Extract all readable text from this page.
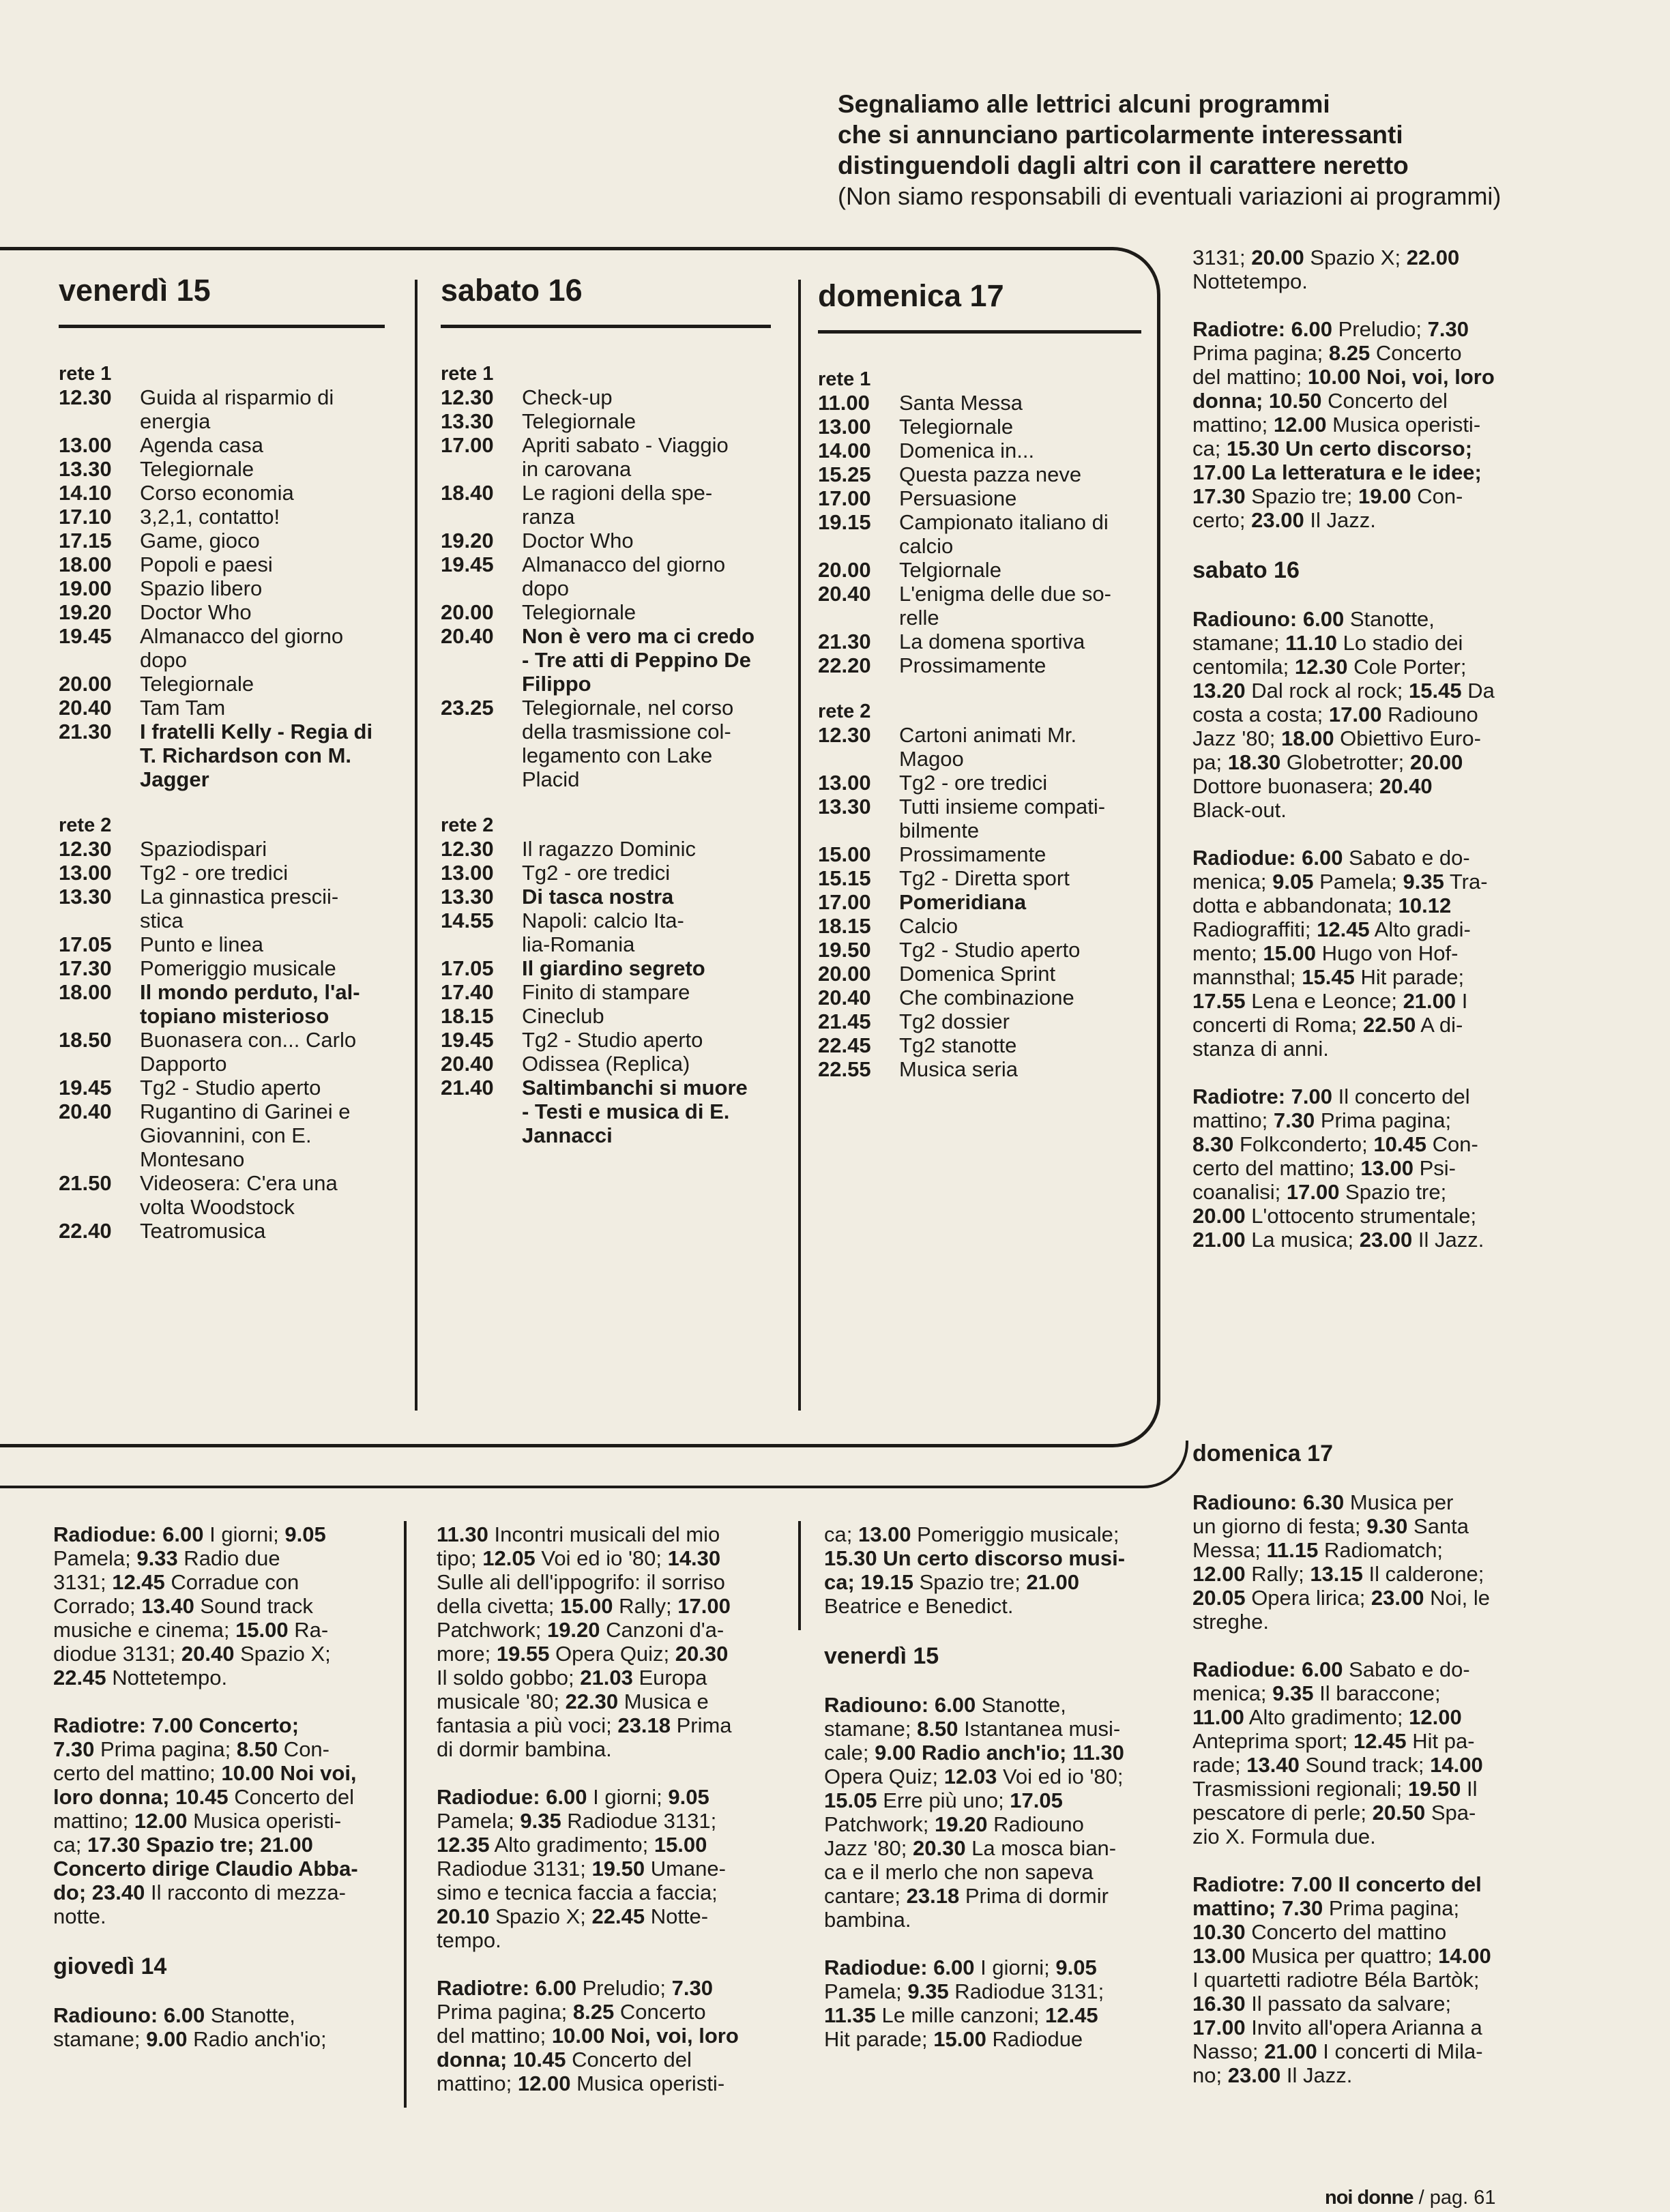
Segnaliamo alle lettrici alcuni programmi
che si annunciano particolarmente interessanti
distinguendoli dagli altri con il carattere neretto
(Non siamo responsabili di eventuali variazioni ai programmi)
venerdì 15
rete 1
12.30	Guida al risparmio di
energia
13.00	Agenda casa
13.30	Telegiornale
14.10	Corso economia
17.10	3,2,1, contatto!
17.15	Game, gioco
18.00	Popoli e paesi
19.00	Spazio libero
19.20	Doctor Who
19.45	Almanacco del giorno
dopo
20.00	Telegiornale
20.40	Tam Tam
21.30	I fratelli Kelly - Regia di
T. Richardson con M.
Jagger
rete 2
12.30	Spaziodispari
13.00	Tg2 - ore tredici
13.30	La ginnastica prescii-
stica
17.05	Punto e linea
17.30	Pomeriggio musicale
18.00	Il mondo perduto, l'al-
topiano misterioso
18.50	Buonasera con... Carlo
Dapporto
19.45	Tg2 - Studio aperto
20.40	Rugantino di Garinei e
Giovannini, con E.
Montesano
21.50	Videosera: C'era una
volta Woodstock
22.40	Teatromusica
sabato 16
rete 1
12.30	Check-up
13.30	Telegiornale
17.00	Apriti sabato - Viaggio
in carovana
18.40	Le ragioni della spe-
ranza
19.20	Doctor Who
19.45	Almanacco del giorno
dopo
20.00	Telegiornale
20.40	Non è vero ma ci credo
- Tre atti di Peppino De
Filippo
23.25	Telegiornale, nel corso
della trasmissione col-
legamento con Lake
Placid
rete 2
12.30	Il ragazzo Dominic
13.00	Tg2 - ore tredici
13.30	Di tasca nostra
14.55	Napoli: calcio Ita-
lia-Romania
17.05	Il giardino segreto
17.40	Finito di stampare
18.15	Cineclub
19.45	Tg2 - Studio aperto
20.40	Odissea (Replica)
21.40	Saltimbanchi si muore
- Testi e musica di E.
Jannacci
domenica 17
rete 1
11.00	Santa Messa
13.00	Telegiornale
14.00	Domenica in...
15.25	Questa pazza neve
17.00	Persuasione
19.15	Campionato italiano di
calcio
20.00	Telgiornale
20.40	L'enigma delle due so-
relle
21.30	La domena sportiva
22.20	Prossimamente
rete 2
12.30	Cartoni animati Mr.
Magoo
13.00	Tg2 - ore tredici
13.30	Tutti insieme compati-
bilmente
15.00	Prossimamente
15.15	Tg2 - Diretta sport
17.00	Pomeridiana
18.15	Calcio
19.50	Tg2 - Studio aperto
20.00	Domenica Sprint
20.40	Che combinazione
21.45	Tg2 dossier
22.45	Tg2 stanotte
22.55	Musica seria

Radiodue: 6.00 I giorni; 9.05
Pamela; 9.33 Radio due
3131; 12.45 Corradue con
Corrado; 13.40 Sound track
musiche e cinema; 15.00 Ra-
diodue 3131; 20.40 Spazio X;
22.45 Nottetempo.

Radiotre: 7.00 Concerto;
7.30 Prima pagina; 8.50 Con-
certo del mattino; 10.00 Noi voi,
loro donna; 10.45 Concerto del
mattino; 12.00 Musica operisti-
ca; 17.30 Spazio tre; 21.00
Concerto dirige Claudio Abba-
do; 23.40 Il racconto di mezza-
notte.

giovedì 14

Radiouno: 6.00 Stanotte,
stamane; 9.00 Radio anch'io;

11.30 Incontri musicali del mio
tipo; 12.05 Voi ed io '80; 14.30
Sulle ali dell'ippogrifo: il sorriso
della civetta; 15.00 Rally; 17.00
Patchwork; 19.20 Canzoni d'a-
more; 19.55 Opera Quiz; 20.30
Il soldo gobbo; 21.03 Europa
musicale '80; 22.30 Musica e
fantasia a più voci; 23.18 Prima
di dormir bambina.

Radiodue: 6.00 I giorni; 9.05
Pamela; 9.35 Radiodue 3131;
12.35 Alto gradimento; 15.00
Radiodue 3131; 19.50 Umane-
simo e tecnica faccia a faccia;
20.10 Spazio X; 22.45 Notte-
tempo.

Radiotre: 6.00 Preludio; 7.30
Prima pagina; 8.25 Concerto
del mattino; 10.00 Noi, voi, loro
donna; 10.45 Concerto del
mattino; 12.00 Musica operisti-

ca; 13.00 Pomeriggio musicale;
15.30 Un certo discorso musi-
ca; 19.15 Spazio tre; 21.00
Beatrice e Benedict.

venerdì 15

Radiouno: 6.00 Stanotte,
stamane; 8.50 Istantanea musi-
cale; 9.00 Radio anch'io; 11.30
Opera Quiz; 12.03 Voi ed io '80;
15.05 Erre più uno; 17.05
Patchwork; 19.20 Radiouno
Jazz '80; 20.30 La mosca bian-
ca e il merlo che non sapeva
cantare; 23.18 Prima di dormir
bambina.

Radiodue: 6.00 I giorni; 9.05
Pamela; 9.35 Radiodue 3131;
11.35 Le mille canzoni; 12.45
Hit parade; 15.00 Radiodue

3131; 20.00 Spazio X; 22.00
Nottetempo.

Radiotre: 6.00 Preludio; 7.30
Prima pagina; 8.25 Concerto
del mattino; 10.00 Noi, voi, loro
donna; 10.50 Concerto del
mattino; 12.00 Musica operisti-
ca; 15.30 Un certo discorso;
17.00 La letteratura e le idee;
17.30 Spazio tre; 19.00 Con-
certo; 23.00 Il Jazz.

sabato 16

Radiouno: 6.00 Stanotte,
stamane; 11.10 Lo stadio dei
centomila; 12.30 Cole Porter;
13.20 Dal rock al rock; 15.45 Da
costa a costa; 17.00 Radiouno
Jazz '80; 18.00 Obiettivo Euro-
pa; 18.30 Globetrotter; 20.00
Dottore buonasera; 20.40
Black-out.

Radiodue: 6.00 Sabato e do-
menica; 9.05 Pamela; 9.35 Tra-
dotta e abbandonata; 10.12
Radiograffiti; 12.45 Alto gradi-
mento; 15.00 Hugo von Hof-
mannsthal; 15.45 Hit parade;
17.55 Lena e Leonce; 21.00 I
concerti di Roma; 22.50 A di-
stanza di anni.

Radiotre: 7.00 Il concerto del
mattino; 7.30 Prima pagina;
8.30 Folkconderto; 10.45 Con-
certo del mattino; 13.00 Psi-
coanalisi; 17.00 Spazio tre;
20.00 L'ottocento strumentale;
21.00 La musica; 23.00 Il Jazz.

domenica 17

Radiouno: 6.30 Musica per
un giorno di festa; 9.30 Santa
Messa; 11.15 Radiomatch;
12.00 Rally; 13.15 Il calderone;
20.05 Opera lirica; 23.00 Noi, le
streghe.

Radiodue: 6.00 Sabato e do-
menica; 9.35 Il baraccone;
11.00 Alto gradimento; 12.00
Anteprima sport; 12.45 Hit pa-
rade; 13.40 Sound track; 14.00
Trasmissioni regionali; 19.50 Il
pescatore di perle; 20.50 Spa-
zio X. Formula due.

Radiotre: 7.00 Il concerto del
mattino; 7.30 Prima pagina;
10.30 Concerto del mattino
13.00 Musica per quattro; 14.00
I quartetti radiotre Béla Bartòk;
16.30 Il passato da salvare;
17.00 Invito all'opera Arianna a
Nasso; 21.00 I concerti di Mila-
no; 23.00 Il Jazz.

noi donne / pag. 61
